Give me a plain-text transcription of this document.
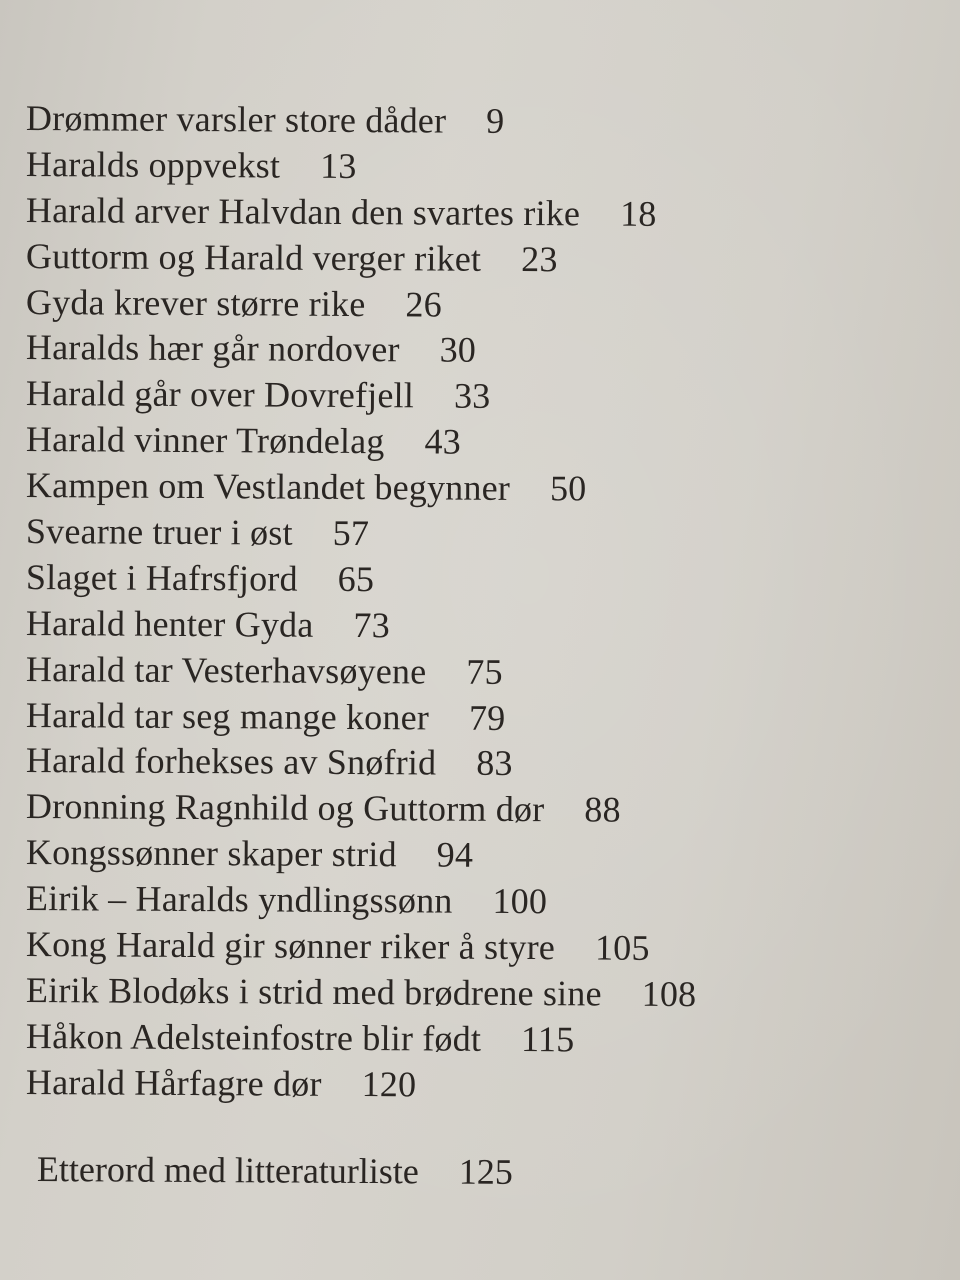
Drømmer varsler store dåder 9
Haralds oppvekst 13
Harald arver Halvdan den svartes rike 18
Guttorm og Harald verger riket 23
Gyda krever større rike 26
Haralds hær går nordover 30
Harald går over Dovrefjell 33
Harald vinner Trøndelag 43
Kampen om Vestlandet begynner 50
Svearne truer i øst 57
Slaget i Hafrsfjord 65
Harald henter Gyda 73
Harald tar Vesterhavsøyene 75
Harald tar seg mange koner 79
Harald forhekses av Snøfrid 83
Dronning Ragnhild og Guttorm dør 88
Kongssønner skaper strid 94
Eirik – Haralds yndlingssønn 100
Kong Harald gir sønner riker å styre 105
Eirik Blodøks i strid med brødrene sine 108
Håkon Adelsteinfostre blir født 115
Harald Hårfagre dør 120
Etterord med litteraturliste 125
